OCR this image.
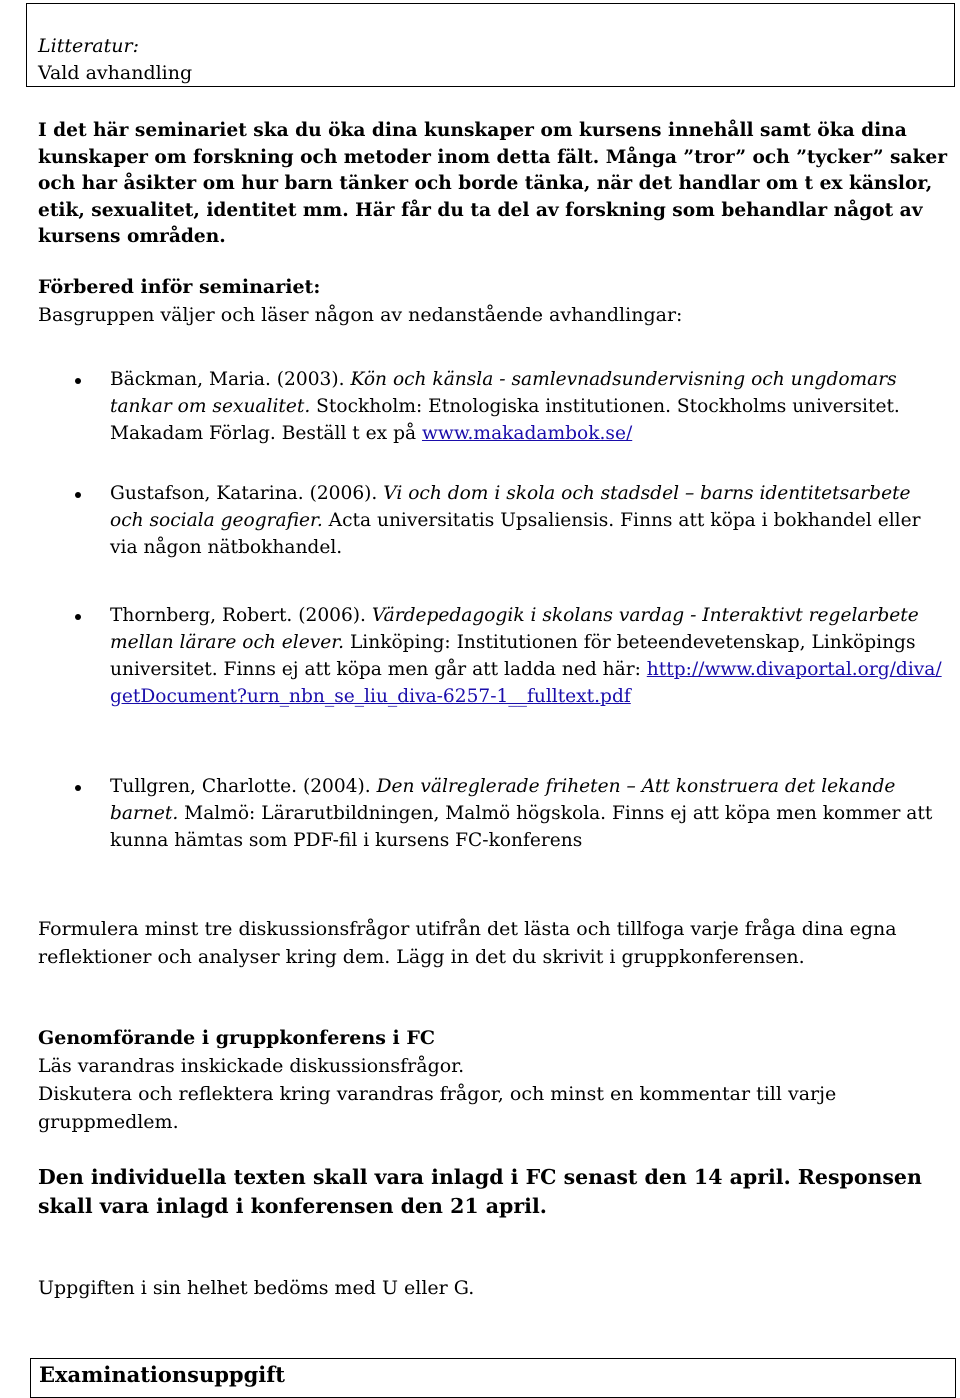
Litteratur:
Vald avhandling
I det här seminariet ska du öka dina kunskaper om kursens innehåll samt öka dina kunskaper om forskning och metoder inom detta fält. Många ”tror” och ”tycker” saker och har åsikter om hur barn tänker och borde tänka, när det handlar om t ex känslor, etik, sexualitet, identitet mm. Här får du ta del av forskning som behandlar något av kursens områden.
Förbered inför seminariet:
Basgruppen väljer och läser någon av nedanstående avhandlingar:
Bäckman, Maria. (2003). Kön och känsla - samlevnadsundervisning och ungdomars tankar om sexualitet. Stockholm: Etnologiska institutionen. Stockholms universitet. Makadam Förlag. Beställ t ex på www.makadambok.se/
Gustafson, Katarina. (2006). Vi och dom i skola och stadsdel – barns identitetsarbete och sociala geografier. Acta universitatis Upsaliensis. Finns att köpa i bokhandel eller via någon nätbokhandel.
Thornberg, Robert. (2006). Värdepedagogik i skolans vardag - Interaktivt regelarbete mellan lärare och elever. Linköping: Institutionen för beteendevetenskap, Linköpings universitet. Finns ej att köpa men går att ladda ned här: http://www.divaportal.org/diva/getDocument?urn_nbn_se_liu_diva-6257-1__fulltext.pdf
Tullgren, Charlotte. (2004). Den välreglerade friheten – Att konstruera det lekande barnet. Malmö: Lärarutbildningen, Malmö högskola. Finns ej att köpa men kommer att kunna hämtas som PDF-fil i kursens FC-konferens
Formulera minst tre diskussionsfrågor utifrån det lästa och tillfoga varje fråga dina egna reflektioner och analyser kring dem. Lägg in det du skrivit i gruppkonferensen.
Genomförande i gruppkonferens i FC
Läs varandras inskickade diskussionsfrågor.
Diskutera och reflektera kring varandras frågor, och minst en kommentar till varje gruppmedlem.
Den individuella texten skall vara inlagd i FC senast den 14 april. Responsen skall vara inlagd i konferensen den 21 april.
Uppgiften i sin helhet bedöms med U eller G.
Examinationsuppgift
